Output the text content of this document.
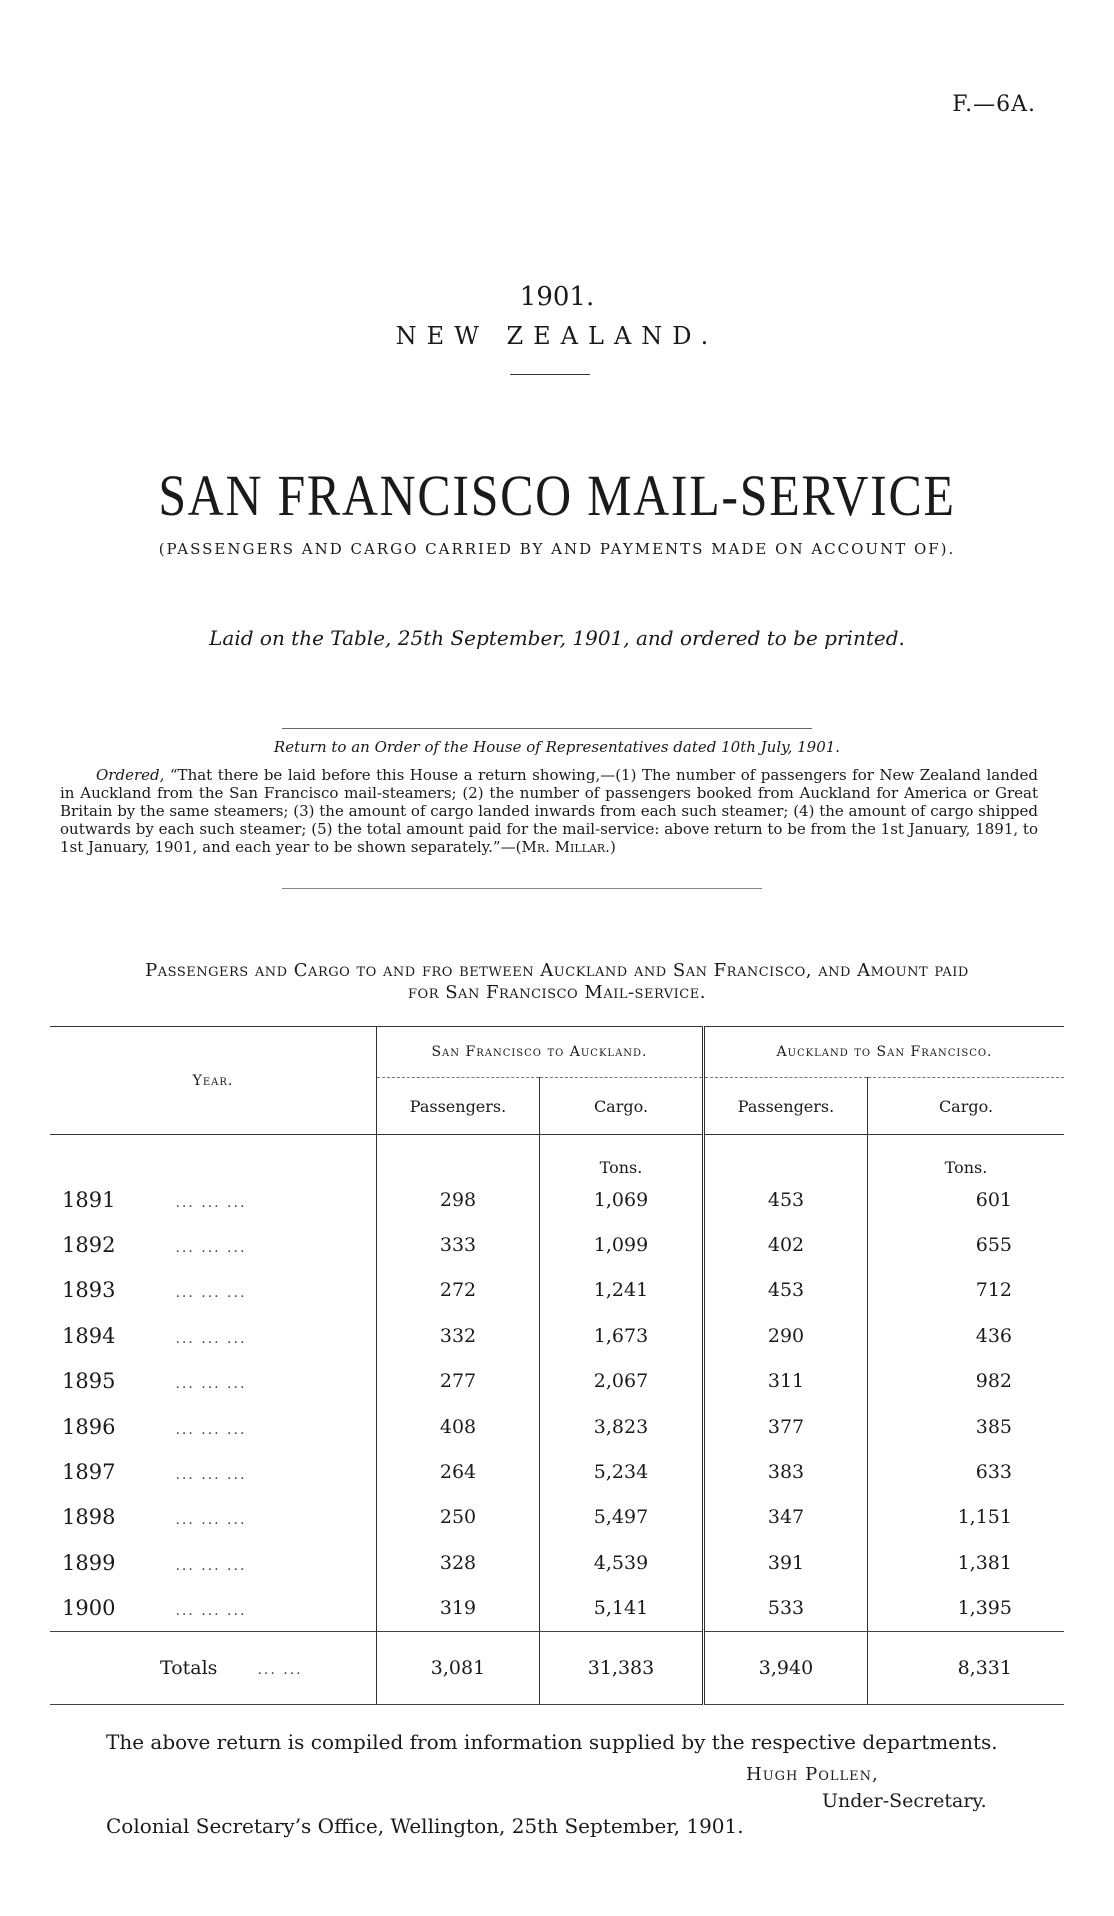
F.—6A.
1901.
NEW ZEALAND.
SAN FRANCISCO MAIL-SERVICE
(PASSENGERS AND CARGO CARRIED BY AND PAYMENTS MADE ON ACCOUNT OF).
Laid on the Table, 25th September, 1901, and ordered to be printed.
Return to an Order of the House of Representatives dated 10th July, 1901.
Ordered, “That there be laid before this House a return showing,—(1) The number of passengers for New Zealand landed in Auckland from the San Francisco mail-steamers; (2) the number of passengers booked from Auckland for America or Great Britain by the same steamers; (3) the amount of cargo landed inwards from each such steamer; (4) the amount of cargo shipped outwards by each such steamer; (5) the total amount paid for the mail-service: above return to be from the 1st January, 1891, to 1st January, 1901, and each year to be shown separately.”—(Mr. Millar.)
Passengers and Cargo to and fro between Auckland and San Francisco, and Amount paid
for San Francisco Mail-service.
Year.	San Francisco to Auckland.		Auckland to San Francisco.	
	Passengers.	Cargo.	Passengers.	Cargo.
		Tons.		Tons.
1891 ... ... ...	298	1,069	453	601
1892 ... ... ...	333	1,099	402	655
1893 ... ... ...	272	1,241	453	712
1894 ... ... ...	332	1,673	290	436
1895 ... ... ...	277	2,067	311	982
1896 ... ... ...	408	3,823	377	385
1897 ... ... ...	264	5,234	383	633
1898 ... ... ...	250	5,497	347	1,151
1899 ... ... ...	328	4,539	391	1,381
1900 ... ... ...	319	5,141	533	1,395
Totals ... ...	3,081	31,383	3,940	8,331
The above return is compiled from information supplied by the respective departments.
Hugh Pollen,
Under-Secretary.
Colonial Secretary’s Office, Wellington, 25th September, 1901.
